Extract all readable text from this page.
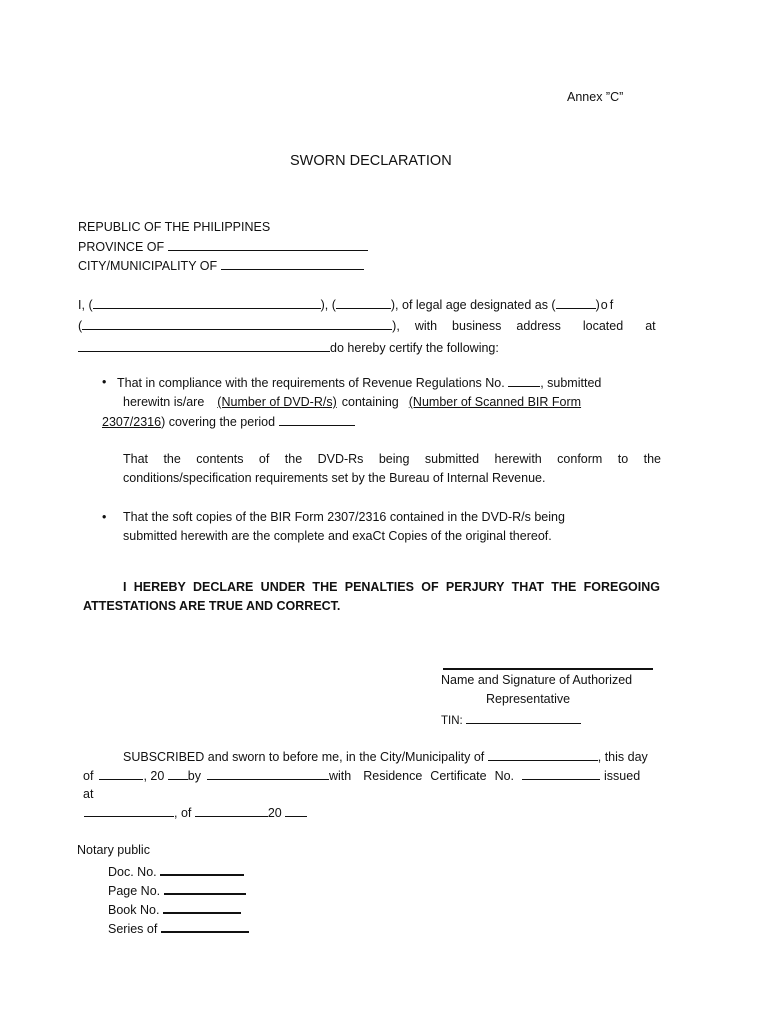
Annex ”C”
SWORN DECLARATION
REPUBLIC OF THE PHILIPPINES
PROVINCE OF
CITY/MUNICIPALITY OF
I, (	), (	), of legal age designated as (	)of
(	), with business address located at
do hereby certify the following:
• That in compliance with the requirements of Revenue Regulations No.	, submitted
herewitn is/are (Number of DVD-R/s) containing (Number of Scanned BIR Form
2307/2316) covering the period
That the contents of the DVD-Rs being submitted herewith conform to the
conditions/specification requirements set by the Bureau of Internal Revenue.
• That the soft copies of the BIR Form 2307/2316 contained in the DVD-R/s being
submitted herewith are the complete and exaCt Copies of the original thereof.
I HEREBY DECLARE UNDER THE PENALTIES OF PERJURY THAT THE FOREGOING
ATTESTATIONS ARE TRUE AND CORRECT.
Name and Signature of Authorized
Representative
TIN:
SUBSCRIBED and sworn to before me, in the City/Municipality of	, this day
of	, 20 by	with Residence Certificate No.	issued
at
, of	20
Notary public
Doc. No.
Page No.
Book No.
Series of
